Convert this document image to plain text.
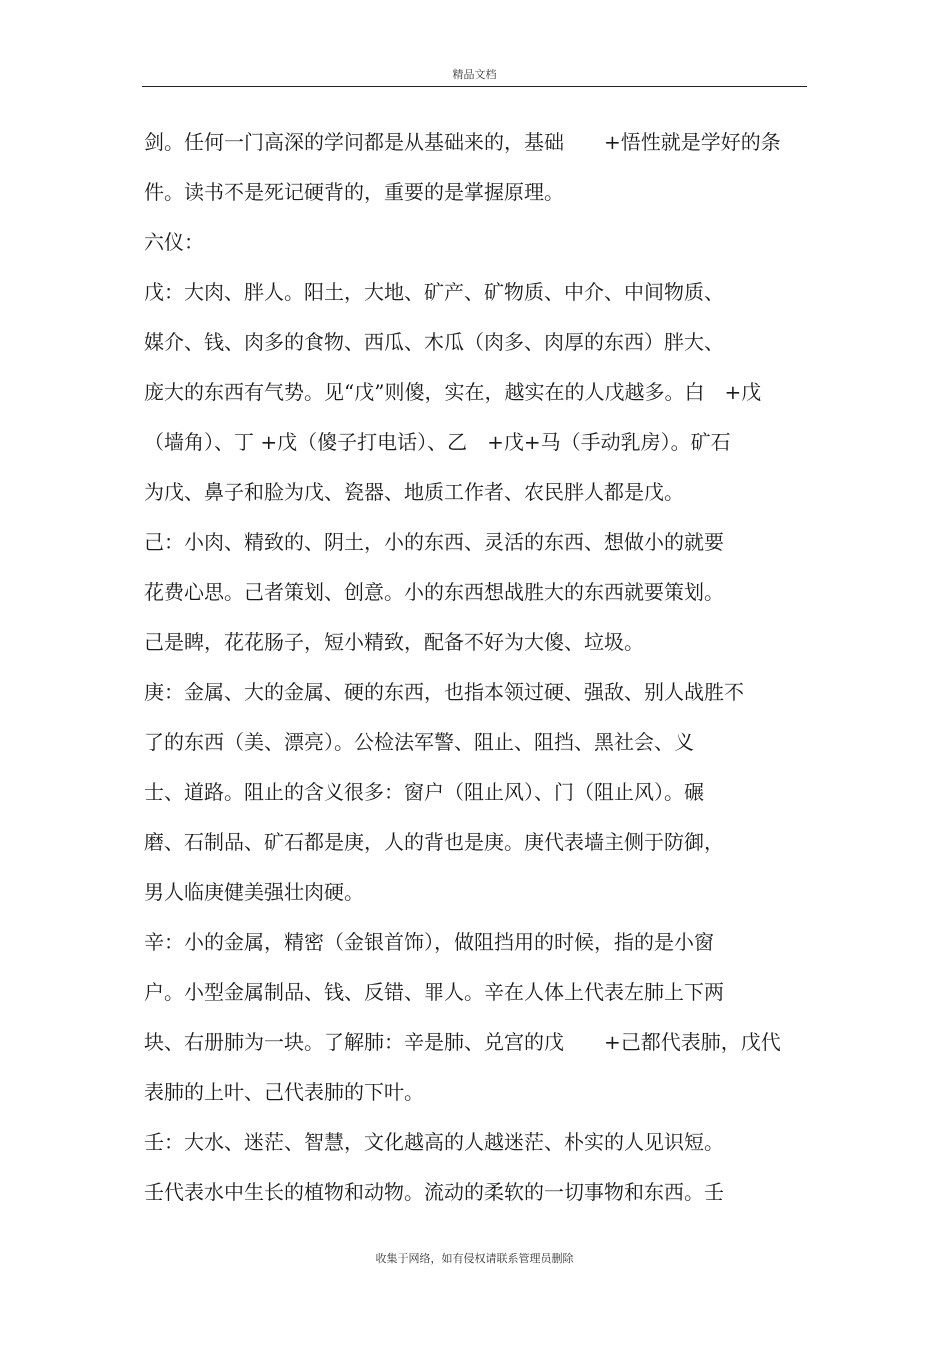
精品文档
剑。任何一门高深的学问都是从基础来的，基础　　+悟性就是学好的条
件。读书不是死记硬背的，重要的是掌握原理。
六仪：
戊：大肉、胖人。阳土，大地、矿产、矿物质、中介、中间物质、
媒介、钱、肉多的食物、西瓜、木瓜（肉多、肉厚的东西）胖大、
庞大的东西有气势。见“戊”则傻，实在，越实在的人戊越多。白　+戊
（墙角）、丁 +戊（傻子打电话）、乙　+戊+马（手动乳房）。矿石
为戊、鼻子和脸为戊、瓷器、地质工作者、农民胖人都是戊。
己：小肉、精致的、阴土，小的东西、灵活的东西、想做小的就要
花费心思。己者策划、创意。小的东西想战胜大的东西就要策划。
己是睥，花花肠子，短小精致，配备不好为大傻、垃圾。
庚：金属、大的金属、硬的东西，也指本领过硬、强敌、别人战胜不
了的东西（美、漂亮）。公检法军警、阻止、阻挡、黑社会、义
士、道路。阻止的含义很多：窗户（阻止风）、门（阻止风）。碾
磨、石制品、矿石都是庚，人的背也是庚。庚代表墙主侧于防御，
男人临庚健美强壮肉硬。
辛：小的金属，精密（金银首饰），做阻挡用的时候，指的是小窗
户。小型金属制品、钱、反错、罪人。辛在人体上代表左肺上下两
块、右册肺为一块。了解肺：辛是肺、兑宫的戊　　+己都代表肺，戊代
表肺的上叶、己代表肺的下叶。
壬：大水、迷茫、智慧，文化越高的人越迷茫、朴实的人见识短。
壬代表水中生长的植物和动物。流动的柔软的一切事物和东西。壬
收集于网络，如有侵权请联系管理员删除
